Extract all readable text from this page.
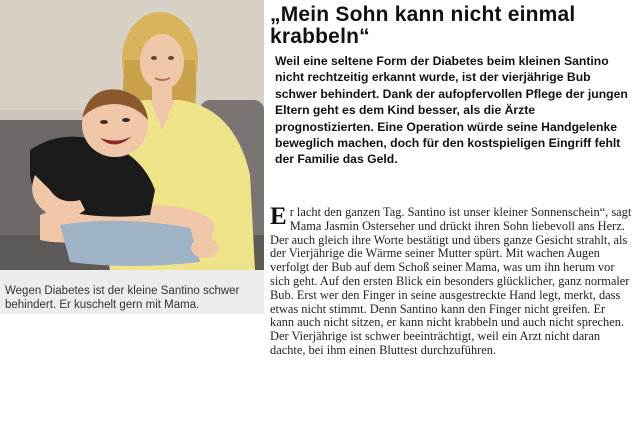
Wegen Diabetes ist der kleine Santino schwer behindert. Er kuschelt gern mit Mama.

„Mein Sohn kann nicht einmal krabbeln“

Weil eine seltene Form der Diabetes beim kleinen Santino nicht rechtzeitig erkannt wurde, ist der vierjährige Bub schwer behindert. Dank der aufopfervollen Pflege der jungen Eltern geht es dem Kind besser, als die Ärzte prognostizierten. Eine Operation würde seine Handgelenke beweglich machen, doch für den kostspieligen Eingriff fehlt der Familie das Geld.

Er lacht den ganzen Tag. Santino ist unser kleiner Sonnenschein“, sagt Mama Jasmin Osterseher und drückt ihren Sohn liebevoll ans Herz. Der auch gleich ihre Worte bestätigt und übers ganze Gesicht strahlt, als der Vierjährige die Wärme seiner Mutter spürt. Mit wachen Augen verfolgt der Bub auf dem Schoß seiner Mama, was um ihn herum vor sich geht. Auf den ersten Blick ein besonders glücklicher, ganz normaler Bub. Erst wer den Finger in seine ausgestreckte Hand legt, merkt, dass etwas nicht stimmt. Denn Santino kann den Finger nicht greifen. Er kann auch nicht sitzen, er kann nicht krabbeln und auch nicht sprechen. Der Vierjährige ist schwer beeinträchtigt, weil ein Arzt nicht daran dachte, bei ihm einen Bluttest durchzuführen.
